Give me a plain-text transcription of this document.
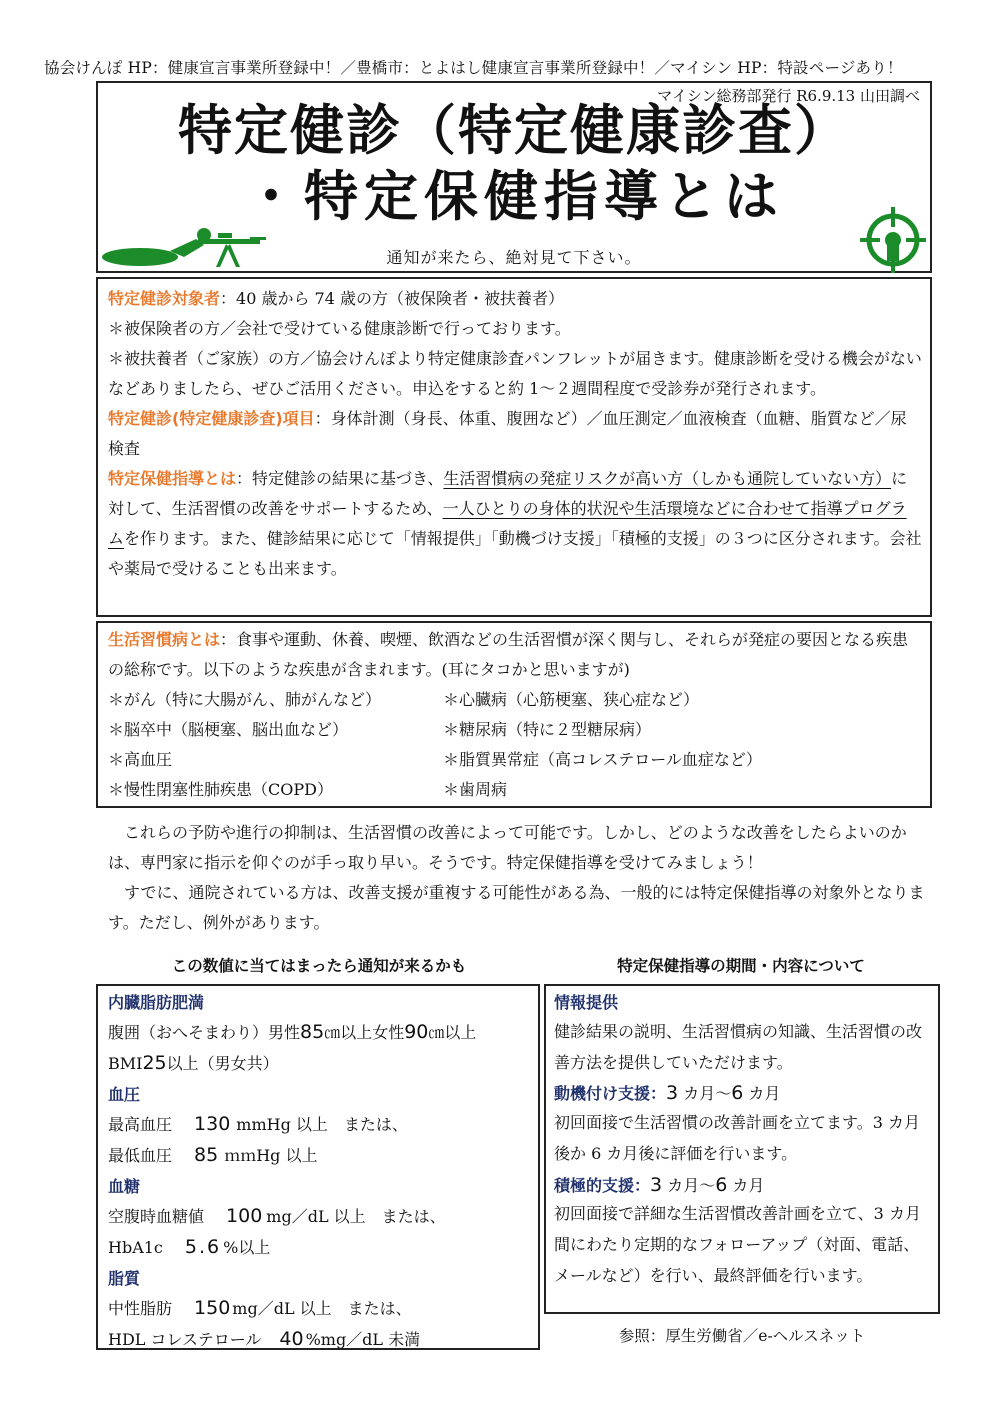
協会けんぽ HP：健康宣言事業所登録中！／豊橋市：とよはし健康宣言事業所登録中！／マイシン HP：特設ページあり！
マイシン総務部発行 R6.9.13 山田調べ
特定健診（特定健康診査）
・特定保健指導とは
通知が来たら、絶対見て下さい。

特定健診対象者：40 歳から 74 歳の方（被保険者・被扶養者）

＊被保険者の方／会社で受けている健康診断で行っております。

＊被扶養者（ご家族）の方／協会けんぽより特定健康診査パンフレットが届きます。健康診断を受ける機会がないなどありましたら、ぜひご活用ください。申込をすると約 1～２週間程度で受診券が発行されます。

特定健診(特定健康診査)項目：身体計測（身長、体重、腹囲など）／血圧測定／血液検査（血糖、脂質など／尿検査

特定保健指導とは：特定健診の結果に基づき、生活習慣病の発症リスクが高い方（しかも通院していない方）に対して、生活習慣の改善をサポートするため、一人ひとりの身体的状況や生活環境などに合わせて指導プログラムを作ります。また、健診結果に応じて「情報提供」「動機づけ支援」「積極的支援」の３つに区分されます。会社や薬局で受けることも出来ます。

生活習慣病とは：食事や運動、休養、喫煙、飲酒などの生活習慣が深く関与し、それらが発症の要因となる疾患の総称です。以下のような疾患が含まれます。(耳にタコかと思いますが)
＊がん（特に大腸がん、肺がんなど）
＊脳卒中（脳梗塞、脳出血など）
＊高血圧
＊慢性閉塞性肺疾患（COPD）
＊心臓病（心筋梗塞、狭心症など）
＊糖尿病（特に２型糖尿病）
＊脂質異常症（高コレステロール血症など）
＊歯周病

これらの予防や進行の抑制は、生活習慣の改善によって可能です。しかし、どのような改善をしたらよいのかは、専門家に指示を仰ぐのが手っ取り早い。そうです。特定保健指導を受けてみましょう！

すでに、通院されている方は、改善支援が重複する可能性がある為、一般的には特定保健指導の対象外となります。ただし、例外があります。

この数値に当てはまったら通知が来るかも	特定保健指導の期間・内容について
内臓脂肪肥満
腹囲（おへそまわり）男性85㎝以上女性90㎝以上
BMI25以上（男女共）
血圧
最高血圧 130 mmHg 以上　または、
最低血圧 85 ｍｍHg 以上
血糖
空腹時血糖値 100 mg／dL 以上　または、
HbA1c 5.6 %以上
脂質
中性脂肪 150 mg／dL 以上　または、
HDL コレステロール 40 %mg／dL 未満
情報提供
健診結果の説明、生活習慣病の知識、生活習慣の改善方法を提供していただけます。
動機付け支援：3 カ月～6 カ月
初回面接で生活習慣の改善計画を立てます。3 カ月後か 6 カ月後に評価を行います。
積極的支援：3 カ月～6 カ月
初回面接で詳細な生活習慣改善計画を立て、3 カ月間にわたり定期的なフォローアップ（対面、電話、メールなど）を行い、最終評価を行います。
参照：厚生労働省／e-ヘルスネット
